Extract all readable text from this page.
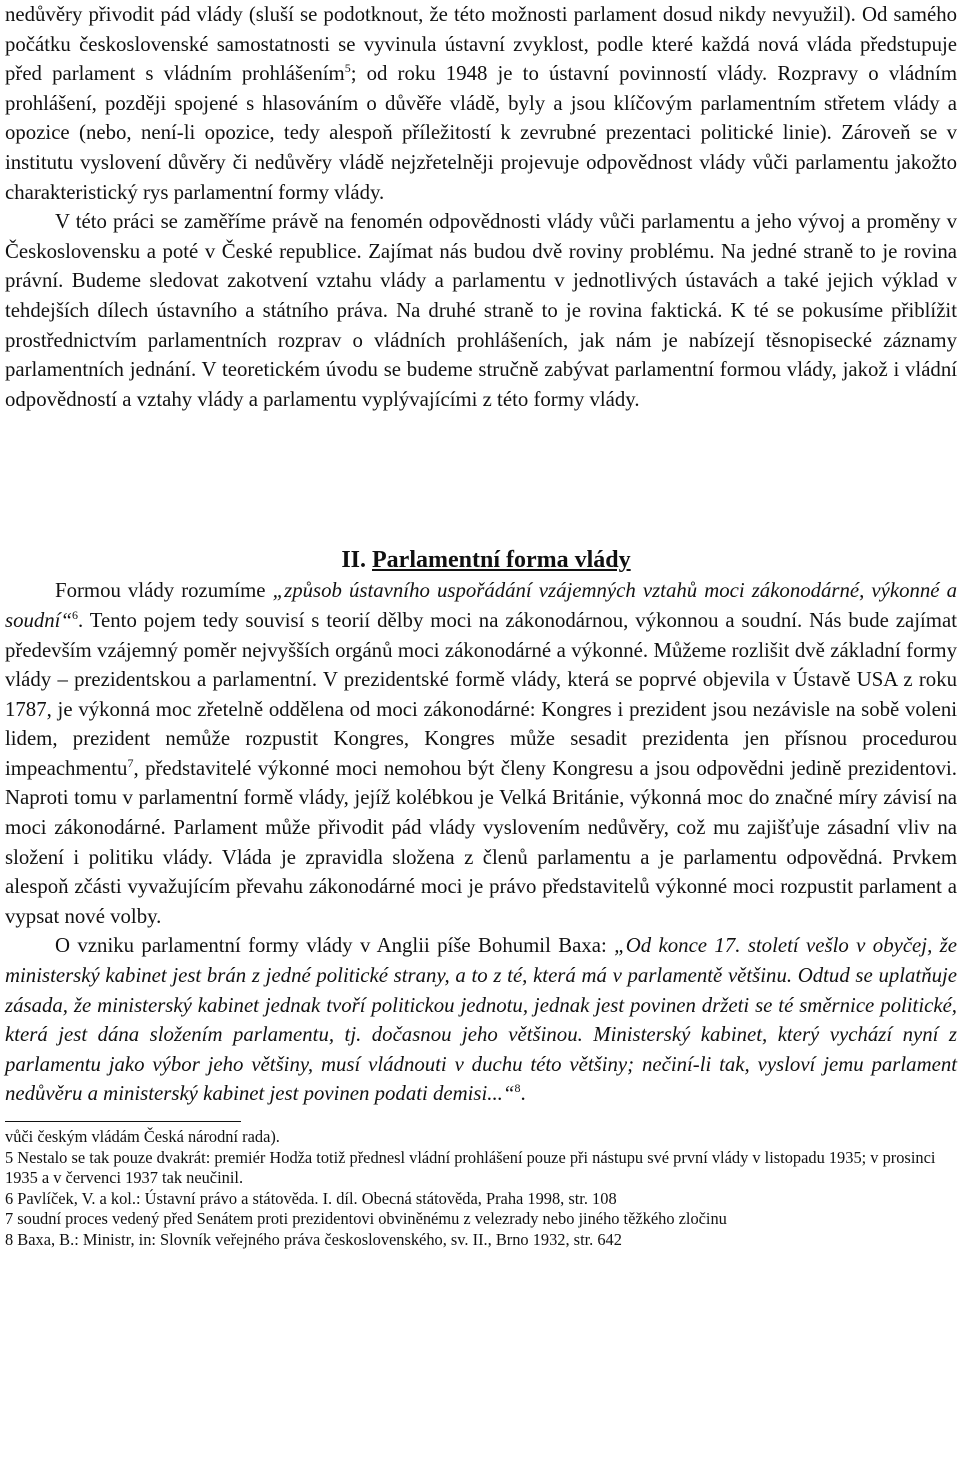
nedůvěry přivodit pád vlády (sluší se podotknout, že této možnosti parlament dosud nikdy nevyužil). Od samého počátku československé samostatnosti se vyvinula ústavní zvyklost, podle které každá nová vláda předstupuje před parlament s vládním prohlášením$^5$; od roku 1948 je to ústavní povinností vlády. Rozpravy o vládním prohlášení, později spojené s hlasováním o důvěře vládě, byly a jsou klíčovým parlamentním střetem vlády a opozice (nebo, není-li opozice, tedy alespoň příležitostí k zevrubné prezentaci politické linie). Zároveň se v institutu vyslovení důvěry či nedůvěry vládě nejzřetelněji projevuje odpovědnost vlády vůči parlamentu jakožto charakteristický rys parlamentní formy vlády.

V této práci se zaměříme právě na fenomén odpovědnosti vlády vůči parlamentu a jeho vývoj a proměny v Československu a poté v České republice. Zajímat nás budou dvě roviny problému. Na jedné straně to je rovina právní. Budeme sledovat zakotvení vztahu vlády a parlamentu v jednotlivých ústavách a také jejich výklad v tehdejších dílech ústavního a státního práva. Na druhé straně to je rovina faktická. K té se pokusíme přiblížit prostřednictvím parlamentních rozprav o vládních prohlášeních, jak nám je nabízejí těsnopisecké záznamy parlamentních jednání. V teoretickém úvodu se budeme stručně zabývat parlamentní formou vlády, jakož i vládní odpovědností a vztahy vlády a parlamentu vyplývajícími z této formy vlády.

II. Parlamentní forma vlády

Formou vlády rozumíme „způsob ústavního uspořádání vzájemných vztahů moci zákonodárné, výkonné a soudní“$^6$. Tento pojem tedy souvisí s teorií dělby moci na zákonodárnou, výkonnou a soudní. Nás bude zajímat především vzájemný poměr nejvyšších orgánů moci zákonodárné a výkonné. Můžeme rozlišit dvě základní formy vlády – prezidentskou a parlamentní. V prezidentské formě vlády, která se poprvé objevila v Ústavě USA z roku 1787, je výkonná moc zřetelně oddělena od moci zákonodárné: Kongres i prezident jsou nezávisle na sobě voleni lidem, prezident nemůže rozpustit Kongres, Kongres může sesadit prezidenta jen přísnou procedurou impeachmentu$^7$, představitelé výkonné moci nemohou být členy Kongresu a jsou odpovědni jedině prezidentovi. Naproti tomu v parlamentní formě vlády, jejíž kolébkou je Velká Británie, výkonná moc do značné míry závisí na moci zákonodárné. Parlament může přivodit pád vlády vyslovením nedůvěry, což mu zajišťuje zásadní vliv na složení i politiku vlády. Vláda je zpravidla složena z členů parlamentu a je parlamentu odpovědná. Prvkem alespoň zčásti vyvažujícím převahu zákonodárné moci je právo představitelů výkonné moci rozpustit parlament a vypsat nové volby.

O vzniku parlamentní formy vlády v Anglii píše Bohumil Baxa: „Od konce 17. století vešlo v obyčej, že ministerský kabinet jest brán z jedné politické strany, a to z té, která má v parlamentě většinu. Odtud se uplatňuje zásada, že ministerský kabinet jednak tvoří politickou jednotu, jednak jest povinen držeti se té směrnice politické, která jest dána složením parlamentu, tj. dočasnou jeho většinou. Ministerský kabinet, který vychází nyní z parlamentu jako výbor jeho většiny, musí vládnouti v duchu této většiny; nečiní-li tak, vysloví jemu parlament nedůvěru a ministerský kabinet jest povinen podati demisi...“$^8$.

vůči českým vládám Česká národní rada).
5 Nestalo se tak pouze dvakrát: premiér Hodža totiž přednesl vládní prohlášení pouze při nástupu své první vlády v listopadu 1935; v prosinci 1935 a v červenci 1937 tak neučinil.
6 Pavlíček, V. a kol.: Ústavní právo a státověda. I. díl. Obecná státověda, Praha 1998, str. 108
7 soudní proces vedený před Senátem proti prezidentovi obviněnému z velezrady nebo jiného těžkého zločinu
8 Baxa, B.: Ministr, in: Slovník veřejného práva československého, sv. II., Brno 1932, str. 642
